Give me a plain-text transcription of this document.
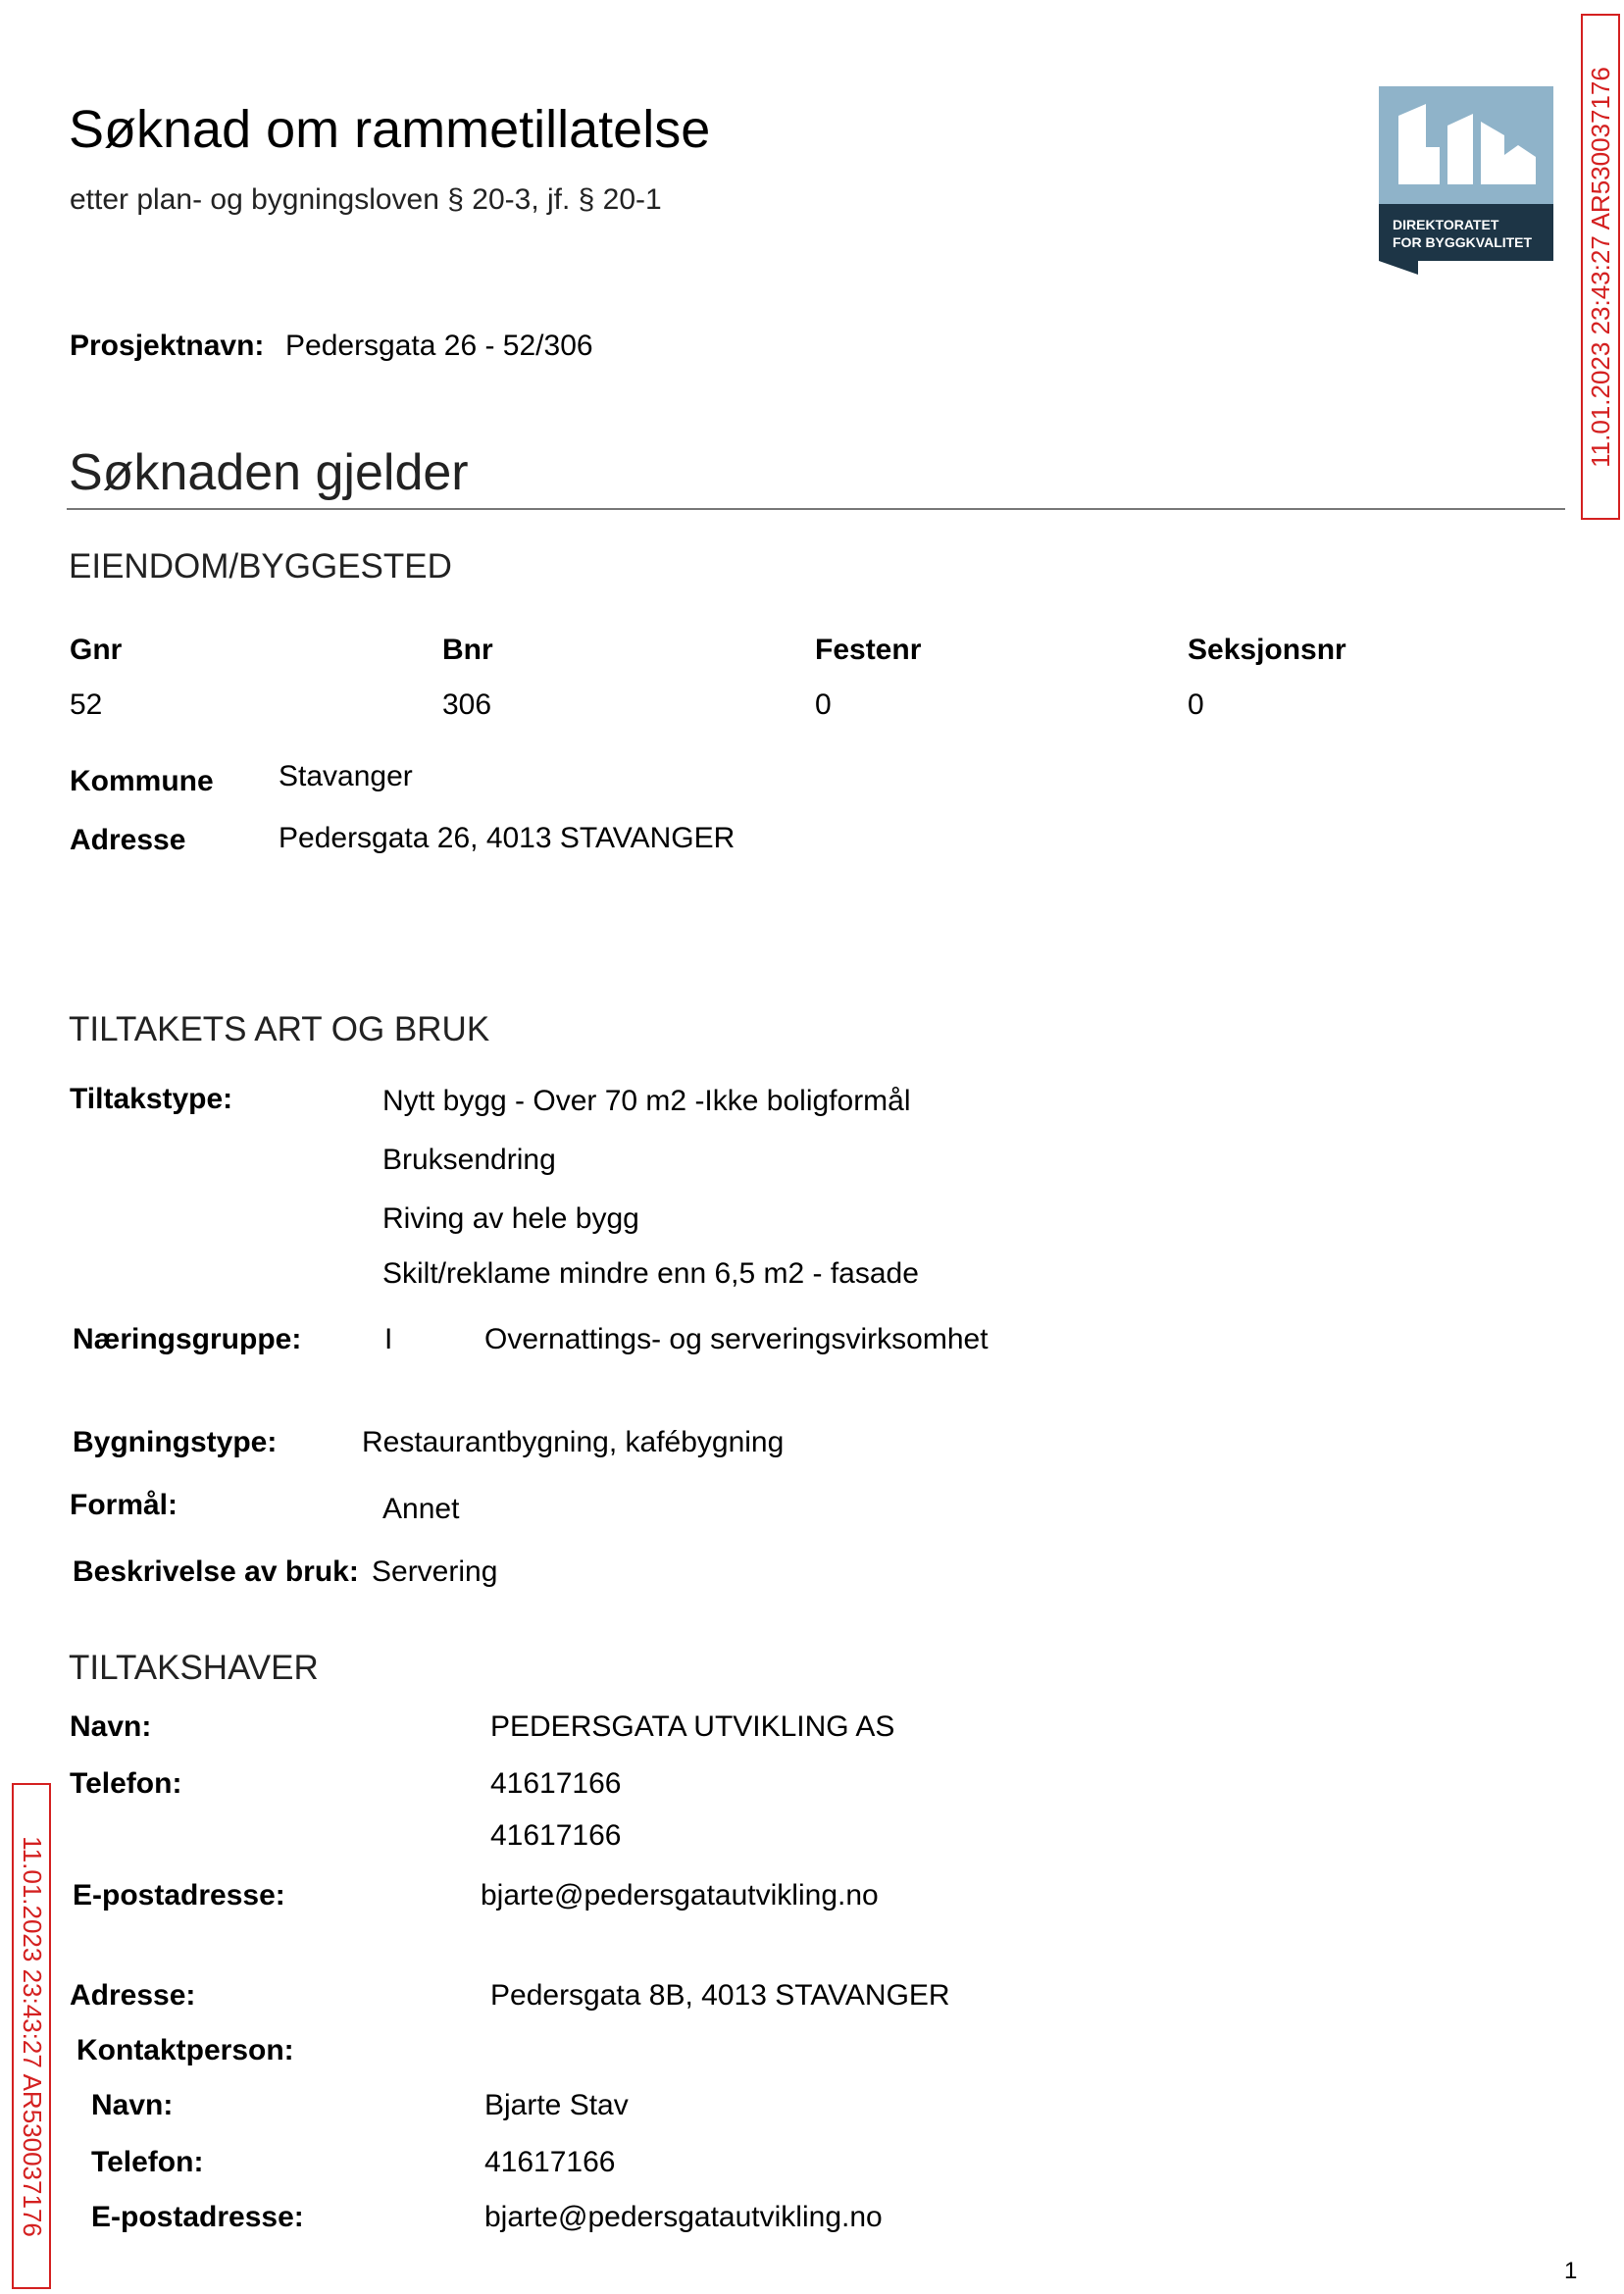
Søknad om rammetillatelse
etter plan- og bygningsloven § 20-3, jf. § 20-1
DIREKTORATET
FOR BYGGKVALITET 11.01.2023 23:43:27 AR530037176
11.01.2023 23:43:27 AR530037176
Prosjektnavn: Pedersgata 26 - 52/306
Søknaden gjelder
EIENDOM/BYGGESTED
Gnr	Bnr	Festenr	Seksjonsnr
52	306	0	0
Kommune Stavanger
Adresse	Pedersgata 26, 4013 STAVANGER
TILTAKETS ART OG BRUK
Tiltakstype:	Nytt bygg - Over 70 m2 -Ikke boligformål
Bruksendring
Riving av hele bygg
Skilt/reklame mindre enn 6,5 m2 - fasade
Næringsgruppe:	I	Overnattings- og serveringsvirksomhet
Bygningstype:	Restaurantbygning, kafébygning
Formål:	Annet
Beskrivelse av bruk: Servering
TILTAKSHAVER
Navn:	PEDERSGATA UTVIKLING AS
Telefon:	41617166
41617166
E-postadresse:	bjarte@pedersgatautvikling.no
Adresse:	Pedersgata 8B, 4013 STAVANGER
Kontaktperson:
Navn:	Bjarte Stav
Telefon:	41617166
E-postadresse:	bjarte@pedersgatautvikling.no
1
